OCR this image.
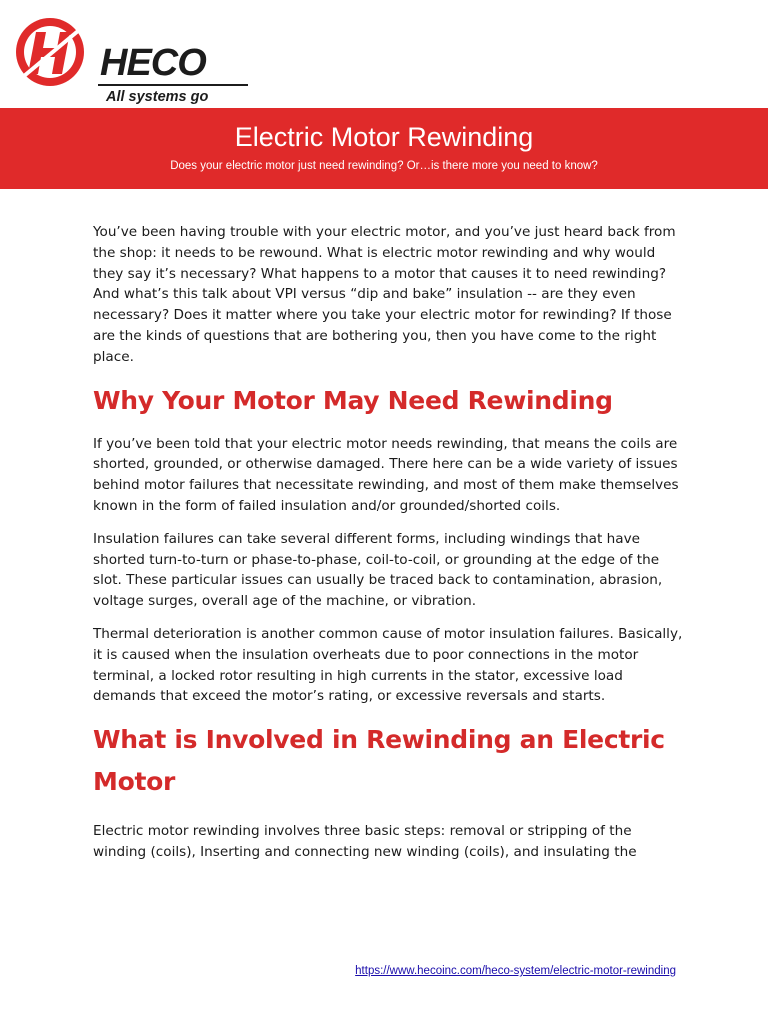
HECO
All systems go
Electric Motor Rewinding
Does your electric motor just need rewinding? Or…is there more you need to know?

You’ve been having trouble with your electric motor, and you’ve just heard back from the shop: it needs to be rewound. What is electric motor rewinding and why would they say it’s necessary? What happens to a motor that causes it to need rewinding? And what’s this talk about VPI versus “dip and bake” insulation -- are they even necessary? Does it matter where you take your electric motor for rewinding? If those are the kinds of questions that are bothering you, then you have come to the right place.

Why Your Motor May Need Rewinding

If you’ve been told that your electric motor needs rewinding, that means the coils are shorted, grounded, or otherwise damaged. There here can be a wide variety of issues behind motor failures that necessitate rewinding, and most of them make themselves known in the form of failed insulation and/or grounded/shorted coils.

Insulation failures can take several different forms, including windings that have shorted turn-to-turn or phase-to-phase, coil-to-coil, or grounding at the edge of the slot. These particular issues can usually be traced back to contamination, abrasion, voltage surges, overall age of the machine, or vibration.

Thermal deterioration is another common cause of motor insulation failures. Basically, it is caused when the insulation overheats due to poor connections in the motor terminal, a locked rotor resulting in high currents in the stator, excessive load demands that exceed the motor’s rating, or excessive reversals and starts.

What is Involved in Rewinding an Electric Motor

Electric motor rewinding involves three basic steps: removal or stripping of the winding (coils), Inserting and connecting new winding (coils), and insulating the

https://www.hecoinc.com/heco-system/electric-motor-rewinding
